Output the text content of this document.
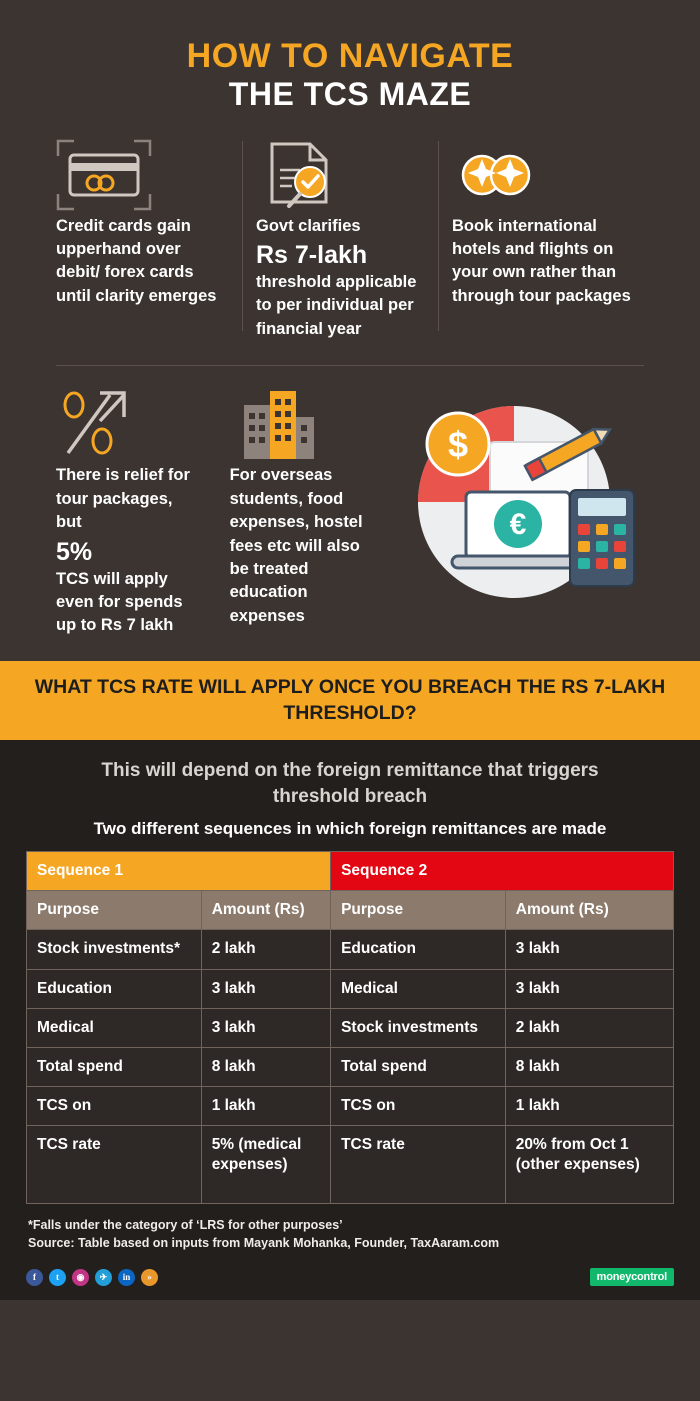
HOW TO NAVIGATE
THE TCS MAZE
Credit cards gain upperhand over debit/ forex cards until clarity emerges
Govt clarifies
Rs 7-lakh
threshold applicable to per individual per financial year
Book international hotels and flights on your own rather than through tour packages
There is relief for tour packages, but
5%
TCS will apply even for spends up to Rs 7 lakh
For overseas students, food expenses, hostel fees etc will also be treated education expenses
€
$
WHAT TCS RATE WILL APPLY ONCE YOU BREACH THE RS 7-LAKH THRESHOLD?
This will depend on the foreign remittance that triggers threshold breach
Two different sequences in which foreign remittances are made
Sequence 1		Sequence 2	
Purpose	Amount (Rs)	Purpose	Amount (Rs)
Stock investments*	2 lakh	Education	3 lakh
Education	3 lakh	Medical	3 lakh
Medical	3 lakh	Stock investments	2 lakh
Total spend	8 lakh	Total spend	8 lakh
TCS on	1 lakh	TCS on	1 lakh
TCS rate	5% (medical expenses)	TCS rate	20% from Oct 1 (other expenses)
*Falls under the category of ‘LRS for other purposes’
Source: Table based on inputs from Mayank Mohanka, Founder, TaxAaram.com
f	t	◉	✈	in	»	moneycontrol
